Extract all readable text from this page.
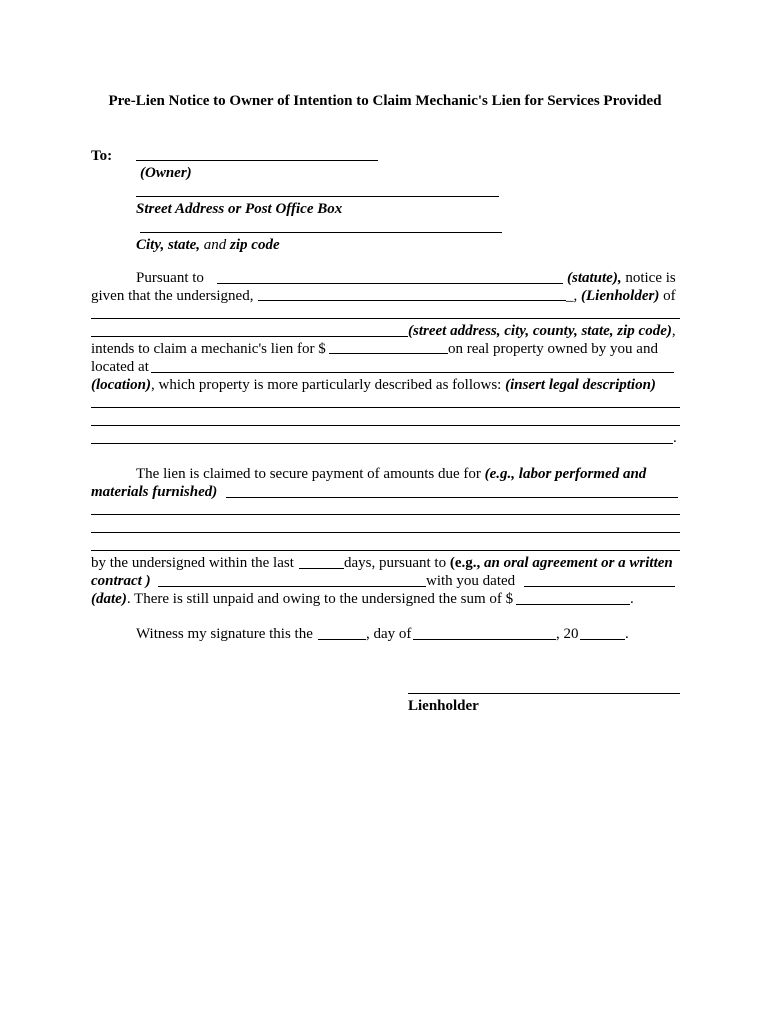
Pre-Lien Notice to Owner of Intention to Claim Mechanic's Lien for Services Provided
To:
(Owner)
Street Address or Post Office Box
City, state, and zip code
Pursuant to	(statute), notice is
given that the undersigned,	_, (Lienholder) of
(street address, city, county, state, zip code),
intends to claim a mechanic's lien for $	on real property owned by you and
located at
(location), which property is more particularly described as follows: (insert legal description)
.
The lien is claimed to secure payment of amounts due for (e.g., labor performed and
materials furnished)
by the undersigned within the last	days, pursuant to (e.g., an oral agreement or a written
contract )	with you dated
(date). There is still unpaid and owing to the undersigned the sum of $	.
Witness my signature this the	, day of	, 20	.
Lienholder
